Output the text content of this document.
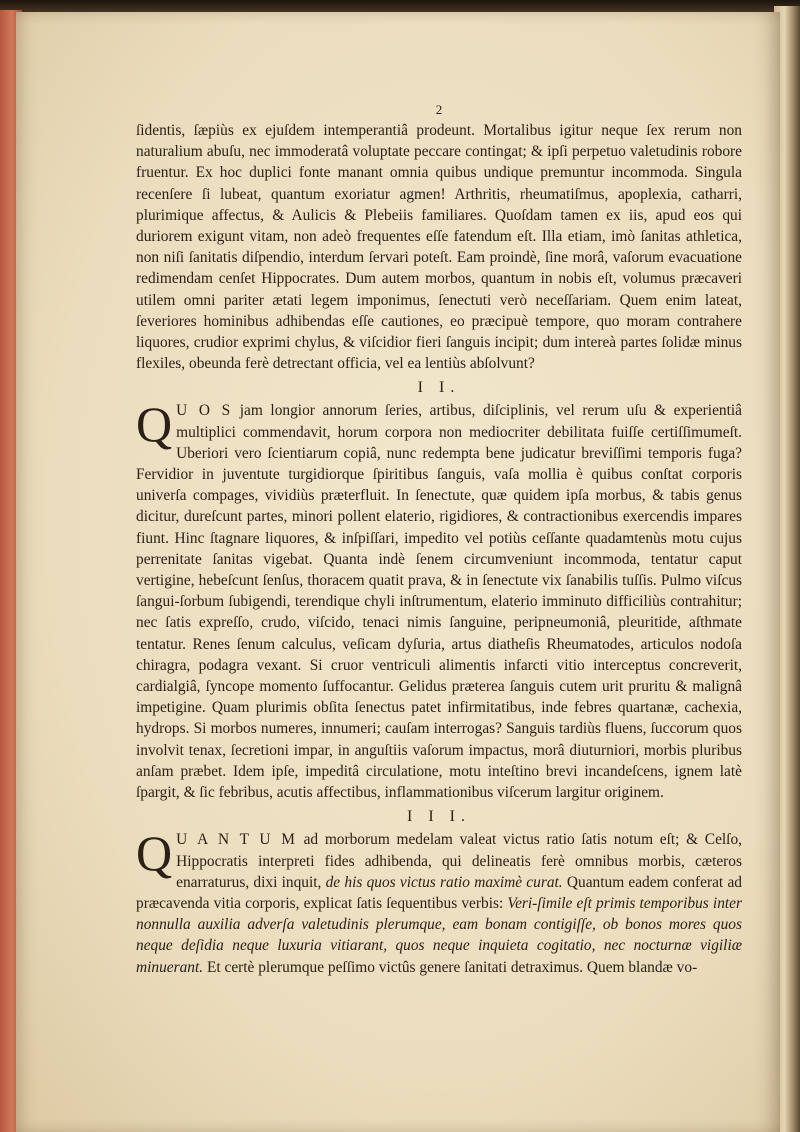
2

ſidentis, ſæpiùs ex ejuſdem intemperantiâ prodeunt. Mortalibus igitur neque ſex rerum non naturalium abuſu, nec immoderatâ voluptate peccare contingat; & ipſi perpetuo valetudinis robore fruentur. Ex hoc duplici fonte manant omnia quibus undique premuntur incommoda. Singula recenſere ſi lubeat, quantum exoriatur agmen! Arthritis, rheumatiſmus, apoplexia, catharri, plurimique affectus, & Aulicis & Plebeiis familiares. Quoſdam tamen ex iis, apud eos qui duriorem exigunt vitam, non adeò frequentes eſſe fatendum eſt. Illa etiam, imò ſanitas athletica, non niſi ſanitatis diſpendio, interdum ſervari poteſt. Eam proindè, ſine morâ, vaſorum evacuatione redimendam cenſet Hippocrates. Dum autem morbos, quantum in nobis eſt, volumus præcaveri utilem omni pariter ætati legem imponimus, ſenectuti verò neceſſariam. Quem enim lateat, ſeveriores hominibus adhibendas eſſe cautiones, eo præcipuè tempore, quo moram contrahere liquores, crudior exprimi chylus, & viſcidior fieri ſanguis incipit; dum intereà partes ſolidæ minus flexiles, obeunda ferè detrectant officia, vel ea lentiùs abſolvunt?

I I.

Q U O S jam longior annorum ſeries, artibus, diſciplinis, vel rerum uſu & experientiâ multiplici commendavit, horum corpora non mediocriter debilitata fuiſſe certiſſimumeſt. Uberiori vero ſcientiarum copiâ, nunc redempta bene judicatur breviſſimi temporis fuga? Fervidior in juventute turgidiorque ſpiritibus ſanguis, vaſa mollia è quibus conſtat corporis univerſa compages, vividiùs præterfluit. In ſenectute, quæ quidem ipſa morbus, & tabis genus dicitur, dureſcunt partes, minori pollent elaterio, rigidiores, & contractionibus exercendis impares fiunt. Hinc ſtagnare liquores, & inſpiſſari, impedito vel potiùs ceſſante quadamtenùs motu cujus perrenitate ſanitas vigebat. Quanta indè ſenem circumveniunt incommoda, tentatur caput vertigine, hebeſcunt ſenſus, thoracem quatit prava, & in ſenectute vix ſanabilis tuſſis. Pulmo viſcus ſangui-ſorbum ſubigendi, terendique chyli inſtrumentum, elaterio imminuto difficiliùs contrahitur; nec ſatis expreſſo, crudo, viſcido, tenaci nimis ſanguine, peripneumoniâ, pleuritide, aſthmate tentatur. Renes ſenum calculus, veſicam dyſuria, artus diatheſis Rheumatodes, articulos nodoſa chiragra, podagra vexant. Si cruor ventriculi alimentis infarcti vitio interceptus concreverit, cardialgiâ, ſyncope momento ſuffocantur. Gelidus præterea ſanguis cutem urit pruritu & malignâ impetigine. Quam plurimis obſita ſenectus patet infirmitatibus, inde febres quartanæ, cachexia, hydrops. Si morbos numeres, innumeri; cauſam interrogas? Sanguis tardiùs fluens, ſuccorum quos involvit tenax, ſecretioni impar, in anguſtiis vaſorum impactus, morâ diuturniori, morbis pluribus anſam præbet. Idem ipſe, impeditâ circulatione, motu inteſtino brevi incandeſcens, ignem latè ſpargit, & ſic febribus, acutis affectibus, inflammationibus viſcerum largitur originem.

I I I.

Q U A N T U M ad morborum medelam valeat victus ratio ſatis notum eſt; & Celſo, Hippocratis interpreti fides adhibenda, qui delineatis ferè omnibus morbis, cæteros enarraturus, dixi inquit, de his quos victus ratio maximè curat. Quantum eadem conferat ad præcavenda vitia corporis, explicat ſatis ſequentibus verbis: Veri-ſimile eſt primis temporibus inter nonnulla auxilia adverſa valetudinis plerumque, eam bonam contigiſſe, ob bonos mores quos neque deſidia neque luxuria vitiarant, quos neque inquieta cogitatio, nec nocturnæ vigiliæ minuerant. Et certè plerumque peſſimo victûs genere ſanitati detraximus. Quem blandæ vo-
